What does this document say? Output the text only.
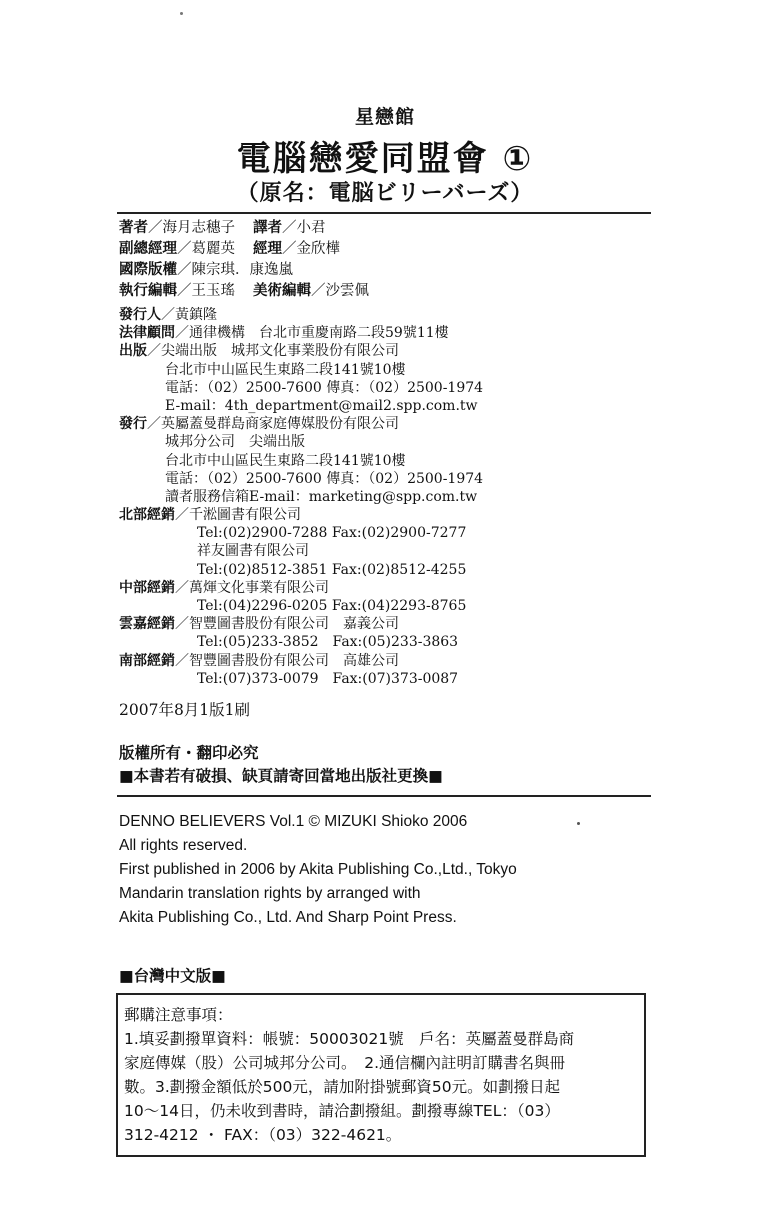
星戀館
電腦戀愛同盟會 ①
（原名：電脳ビリーバーズ）
著者／海月志穗子 譯者／小君
副總經理／葛麗英 經理／金欣樺
國際版權／陳宗琪．康逸嵐
執行編輯／王玉瑤 美術編輯／沙雲佩
發行人／黃鎮隆
法律顧問／通律機構　台北市重慶南路二段59號11樓
出版／尖端出版　城邦文化事業股份有限公司
台北市中山區民生東路二段141號10樓
電話：（02）2500-7600 傳真：（02）2500-1974
E-mail：4th_department@mail2.spp.com.tw
發行／英屬蓋曼群島商家庭傳媒股份有限公司
城邦分公司　尖端出版
台北市中山區民生東路二段141號10樓
電話：（02）2500-7600 傳真：（02）2500-1974
讀者服務信箱E-mail：marketing@spp.com.tw
北部經銷／千淞圖書有限公司
Tel:(02)2900-7288 Fax:(02)2900-7277
祥友圖書有限公司
Tel:(02)8512-3851 Fax:(02)8512-4255
中部經銷／萬煇文化事業有限公司
Tel:(04)2296-0205 Fax:(04)2293-8765
雲嘉經銷／智豐圖書股份有限公司　嘉義公司
Tel:(05)233-3852　Fax:(05)233-3863
南部經銷／智豐圖書股份有限公司　高雄公司
Tel:(07)373-0079　Fax:(07)373-0087
2007年8月1版1刷
版權所有・翻印必究
■本書若有破損、缺頁請寄回當地出版社更換■
DENNO BELIEVERS Vol.1 © MIZUKI Shioko 2006
All rights reserved.
First published in 2006 by Akita Publishing Co.,Ltd., Tokyo
Mandarin translation rights by arranged with
Akita Publishing Co., Ltd. And Sharp Point Press.
■台灣中文版■
郵購注意事項：
1.填妥劃撥單資料：帳號：50003021號　戶名：英屬蓋曼群島商
家庭傳媒（股）公司城邦分公司。　2.通信欄內註明訂購書名與冊
數。3.劃撥金額低於500元，請加附掛號郵資50元。如劃撥日起
10～14日，仍未收到書時，請洽劃撥組。劃撥專線TEL：（03）
312-4212 ・ FAX：（03）322-4621。
